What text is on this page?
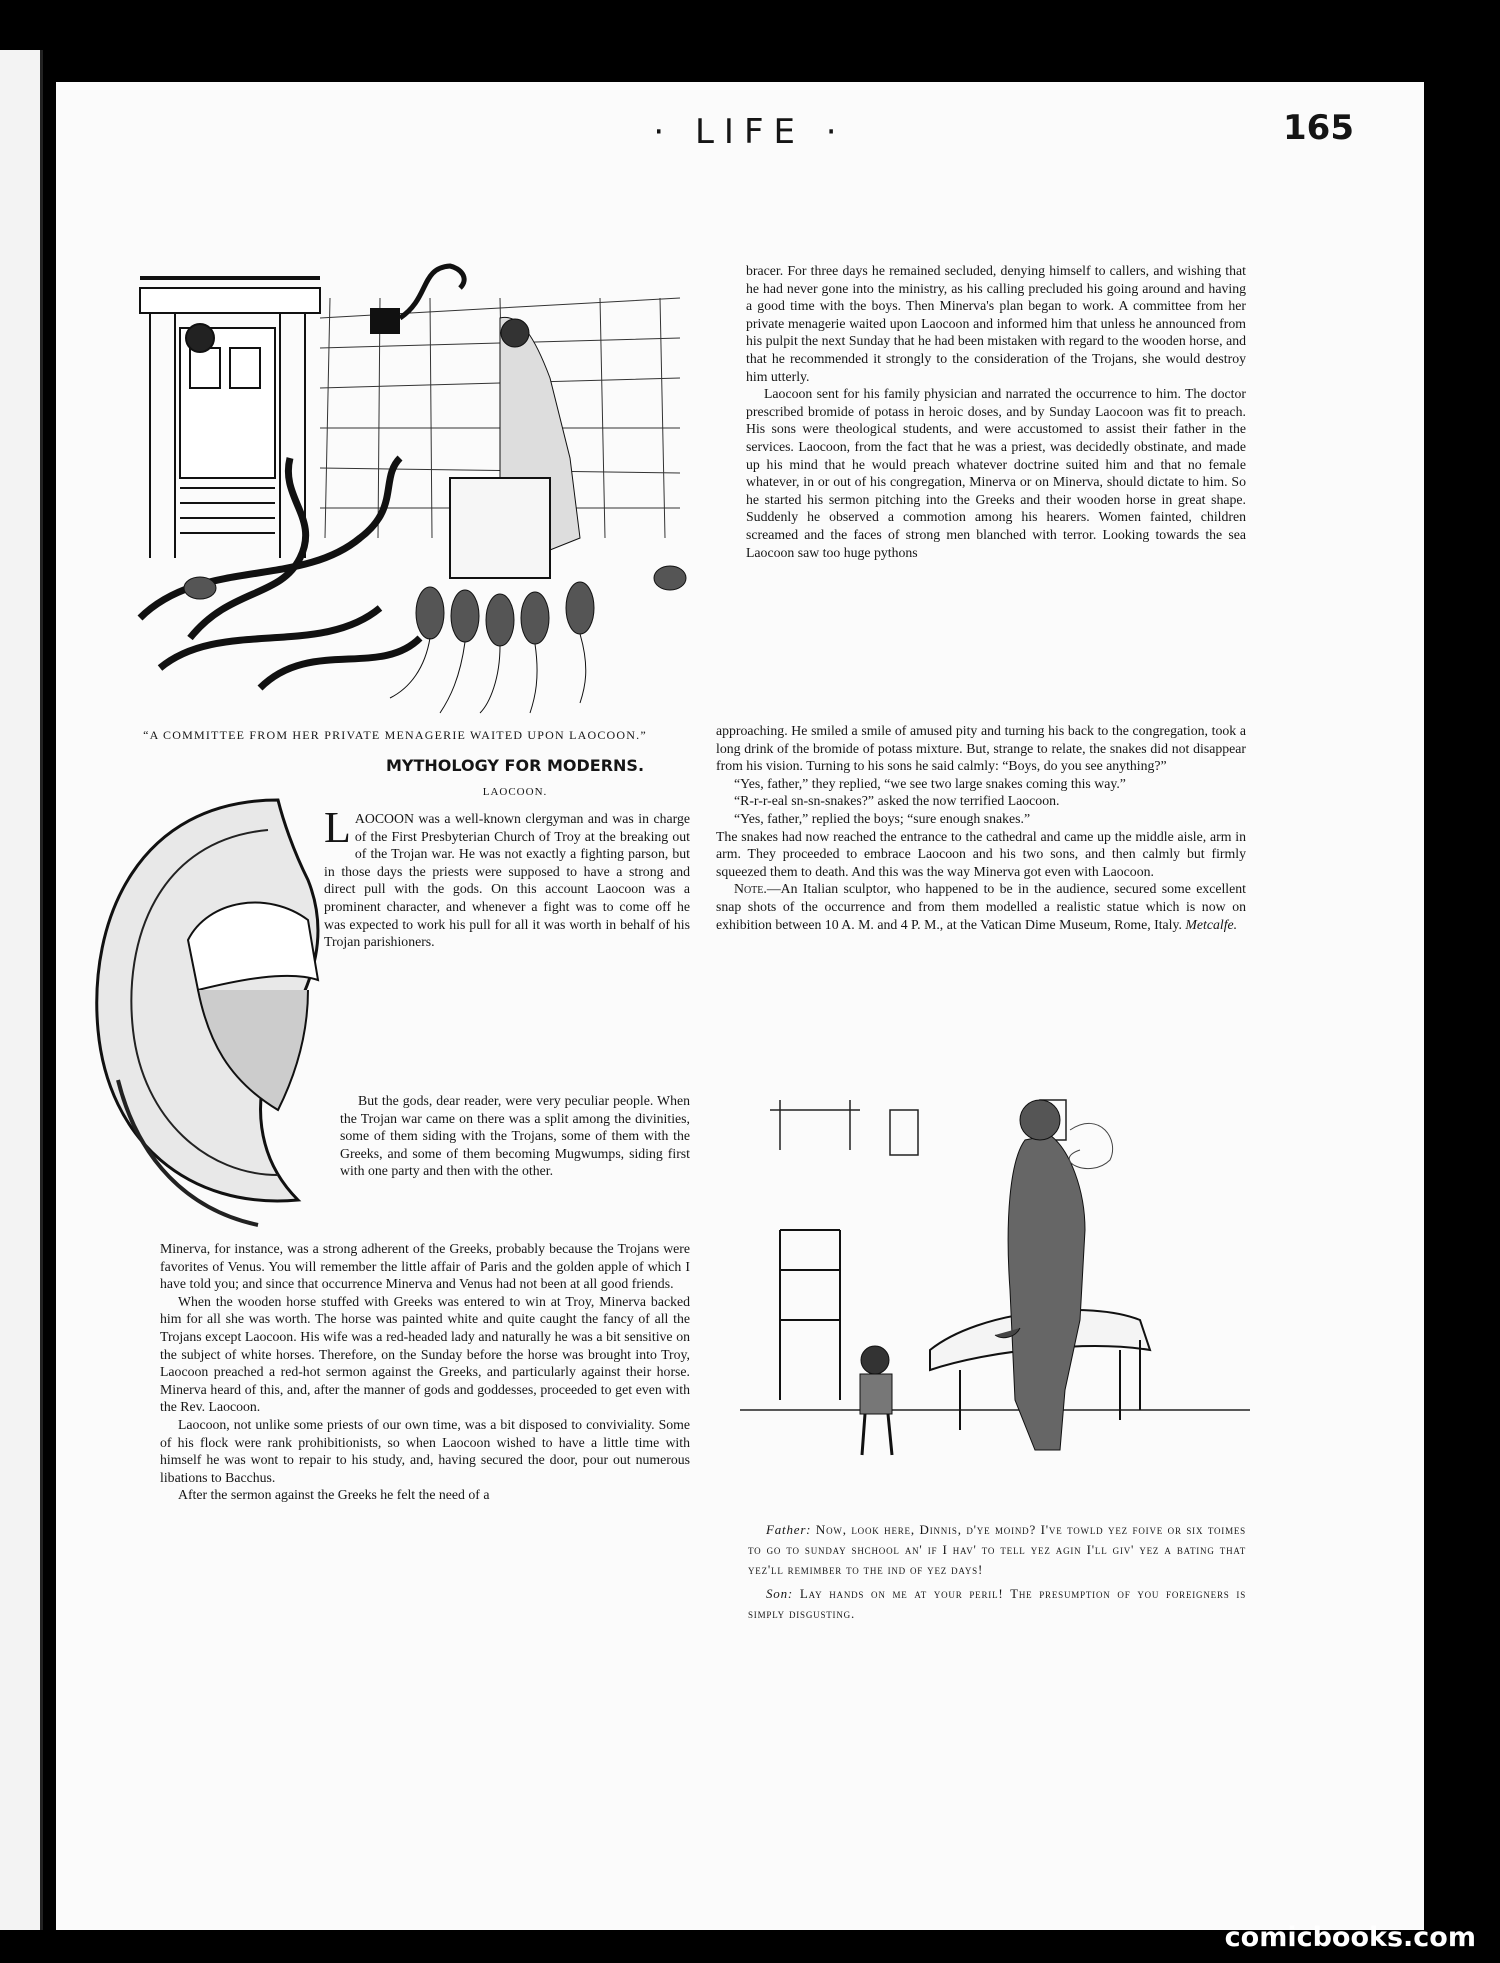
· LIFE ·	165
“A COMMITTEE FROM HER PRIVATE MENAGERIE WAITED UPON LAOCOON.”
MYTHOLOGY FOR MODERNS.
LAOCOON.

LAOCOON was a well-known clergyman and was in charge of the First Presbyterian Church of Troy at the breaking out of the Trojan war. He was not exactly a fighting parson, but in those days the priests were supposed to have a strong and direct pull with the gods. On this account Laocoon was a prominent character, and whenever a fight was to come off he was expected to work his pull for all it was worth in behalf of his Trojan parishioners.

But the gods, dear reader, were very peculiar people. When the Trojan war came on there was a split among the divinities, some of them siding with the Trojans, some of them with the Greeks, and some of them becoming Mugwumps, siding first with one party and then with the other.

Minerva, for instance, was a strong adherent of the Greeks, probably because the Trojans were favorites of Venus. You will remember the little affair of Paris and the golden apple of which I have told you; and since that occurrence Minerva and Venus had not been at all good friends.

When the wooden horse stuffed with Greeks was entered to win at Troy, Minerva backed him for all she was worth. The horse was painted white and quite caught the fancy of all the Trojans except Laocoon. His wife was a red-headed lady and naturally he was a bit sensitive on the subject of white horses. Therefore, on the Sunday before the horse was brought into Troy, Laocoon preached a red-hot sermon against the Greeks, and particularly against their horse. Minerva heard of this, and, after the manner of gods and goddesses, proceeded to get even with the Rev. Laocoon.

Laocoon, not unlike some priests of our own time, was a bit disposed to conviviality. Some of his flock were rank prohibitionists, so when Laocoon wished to have a little time with himself he was wont to repair to his study, and, having secured the door, pour out numerous libations to Bacchus.

After the sermon against the Greeks he felt the need of a

bracer. For three days he remained secluded, denying himself to callers, and wishing that he had never gone into the ministry, as his calling precluded his going around and having a good time with the boys. Then Minerva's plan began to work. A committee from her private menagerie waited upon Laocoon and informed him that unless he announced from his pulpit the next Sunday that he had been mistaken with regard to the wooden horse, and that he recommended it strongly to the consideration of the Trojans, she would destroy him utterly.

Laocoon sent for his family physician and narrated the occurrence to him. The doctor prescribed bromide of potass in heroic doses, and by Sunday Laocoon was fit to preach. His sons were theological students, and were accustomed to assist their father in the services. Laocoon, from the fact that he was a priest, was decidedly obstinate, and made up his mind that he would preach whatever doctrine suited him and that no female whatever, in or out of his congregation, Minerva or on Minerva, should dictate to him. So he started his sermon pitching into the Greeks and their wooden horse in great shape. Suddenly he observed a commotion among his hearers. Women fainted, children screamed and the faces of strong men blanched with terror. Looking towards the sea Laocoon saw too huge pythons

approaching. He smiled a smile of amused pity and turning his back to the congregation, took a long drink of the bromide of potass mixture. But, strange to relate, the snakes did not disappear from his vision. Turning to his sons he said calmly: “Boys, do you see anything?”

“Yes, father,” they replied, “we see two large snakes coming this way.”

“R-r-r-eal sn-sn-snakes?” asked the now terrified Laocoon.

“Yes, father,” replied the boys; “sure enough snakes.”

The snakes had now reached the entrance to the cathedral and came up the middle aisle, arm in arm. They proceeded to embrace Laocoon and his two sons, and then calmly but firmly squeezed them to death. And this was the way Minerva got even with Laocoon.

Note.—An Italian sculptor, who happened to be in the audience, secured some excellent snap shots of the occurrence and from them modelled a realistic statue which is now on exhibition between 10 A. M. and 4 P. M., at the Vatican Dime Museum, Rome, Italy. Metcalfe.

Father: Now, look here, Dinnis, d'ye moind? I've towld yez foive or six toimes to go to sunday shchool an' if I hav' to tell yez agin I'll giv' yez a bating that yez'll remimber to the ind of yez days!

Son: Lay hands on me at your peril! The presumption of you foreigners is simply disgusting.

comicbooks.com
